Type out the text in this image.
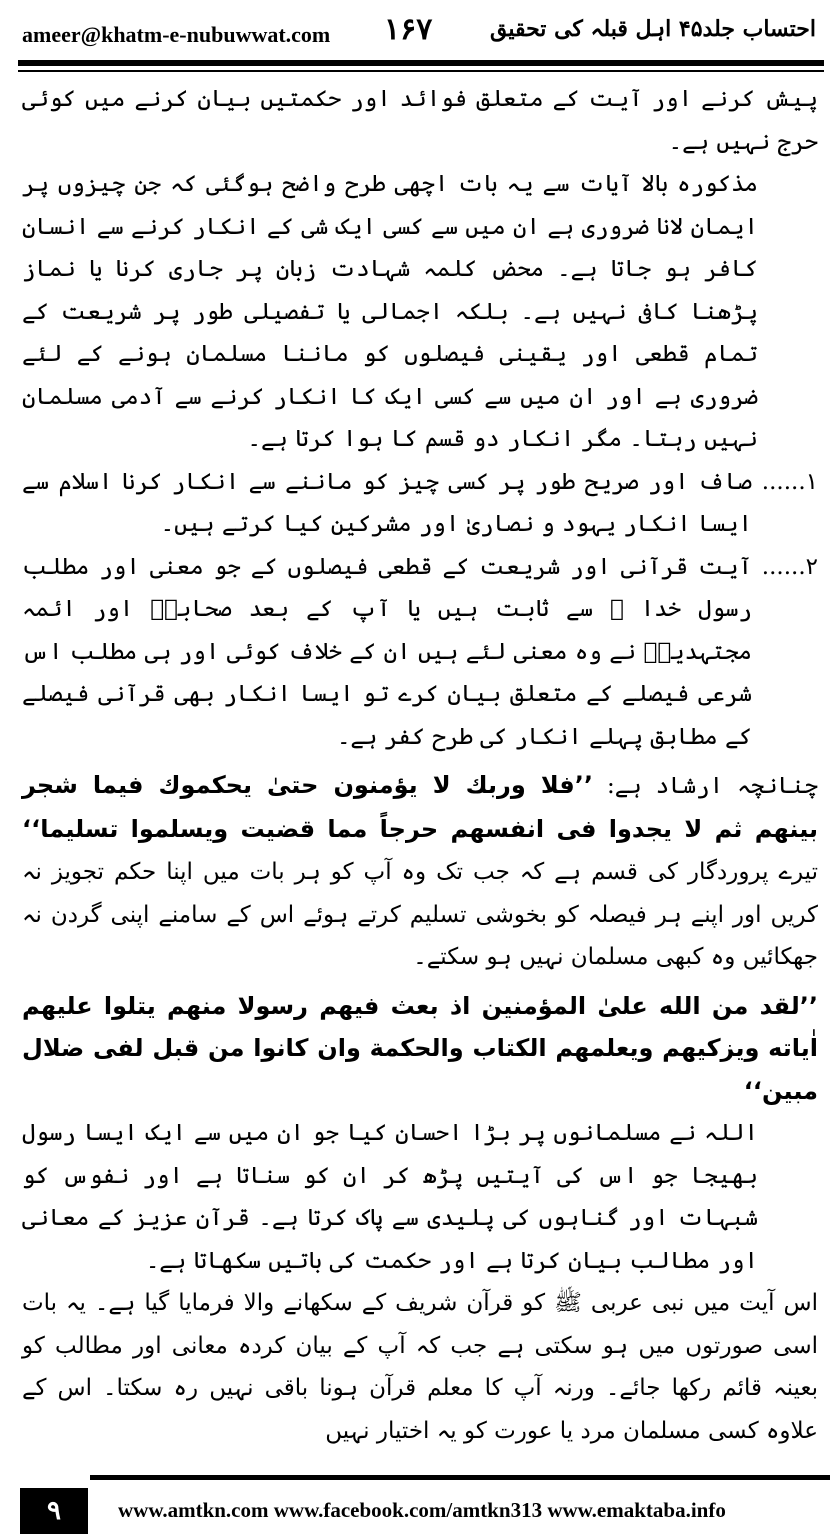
ameer@khatm-e-nubuwwat.com ۱۶۷	احتساب جلد۴۵ اہل قبلہ کی تحقیق

پیش کرنے اور آیت کے متعلق فوائد اور حکمتیں بیان کرنے میں کوئی حرج نہیں ہے۔

مذکورہ بالا آیات سے یہ بات اچھی طرح واضح ہوگئی کہ جن چیزوں پر ایمان لانا ضروری ہے ان میں سے کسی ایک شی کے انکار کرنے سے انسان کافر ہو جاتا ہے۔ محض کلمہ شہادت زبان پر جاری کرنا یا نماز پڑھنا کافی نہیں ہے۔ بلکہ اجمالی یا تفصیلی طور پر شریعت کے تمام قطعی اور یقینی فیصلوں کو ماننا مسلمان ہونے کے لئے ضروری ہے اور ان میں سے کسی ایک کا انکار کرنے سے آدمی مسلمان نہیں رہتا۔ مگر انکار دو قسم کا ہوا کرتا ہے۔

۱......
صاف اور صریح طور پر کسی چیز کو ماننے سے انکار کرنا اسلام سے ایسا انکار یہود و نصاریٰ اور مشرکین کیا کرتے ہیں۔
۲......
آیت قرآنی اور شریعت کے قطعی فیصلوں کے جو معنی اور مطلب رسول خدا ﷺ سے ثابت ہیں یا آپ کے بعد صحابہؓ اور ائمہ مجتہدینؒ نے وہ معنی لئے ہیں ان کے خلاف کوئی اور ہی مطلب اس شرعی فیصلے کے متعلق بیان کرے تو ایسا انکار بھی قرآنی فیصلے کے مطابق پہلے انکار کی طرح کفر ہے۔

چنانچہ ارشاد ہے: ’’فلا وربك لا يؤمنون حتىٰ يحكموك فيما شجر بينهم ثم لا يجدوا فى انفسهم حرجاً مما قضيت ويسلموا تسليما‘‘ تیرے پروردگار کی قسم ہے کہ جب تک وہ آپ کو ہر بات میں اپنا حکم تجویز نہ کریں اور اپنے ہر فیصلہ کو بخوشی تسلیم کرتے ہوئے اس کے سامنے اپنی گردن نہ جھکائیں وہ کبھی مسلمان نہیں ہو سکتے۔

’’لقد من الله علىٰ المؤمنين اذ بعث فيهم رسولا منهم يتلوا عليهم اٰياته ويزكيهم ويعلمهم الكتاب والحكمة وان كانوا من قبل لفى ضلال مبين‘‘

اللہ نے مسلمانوں پر بڑا احسان کیا جو ان میں سے ایک ایسا رسول بھیجا جو اس کی آیتیں پڑھ کر ان کو سناتا ہے اور نفوس کو شبہات اور گناہوں کی پلیدی سے پاک کرتا ہے۔ قرآن عزیز کے معانی اور مطالب بیان کرتا ہے اور حکمت کی باتیں سکھاتا ہے۔

اس آیت میں نبی عربی ﷺ کو قرآن شریف کے سکھانے والا فرمایا گیا ہے۔ یہ بات اسی صورتوں میں ہو سکتی ہے جب کہ آپ کے بیان کردہ معانی اور مطالب کو بعینہ قائم رکھا جائے۔ ورنہ آپ کا معلم قرآن ہونا باقی نہیں رہ سکتا۔ اس کے علاوہ کسی مسلمان مرد یا عورت کو یہ اختیار نہیں

۹	www.amtkn.com www.facebook.com/amtkn313 www.emaktaba.info
